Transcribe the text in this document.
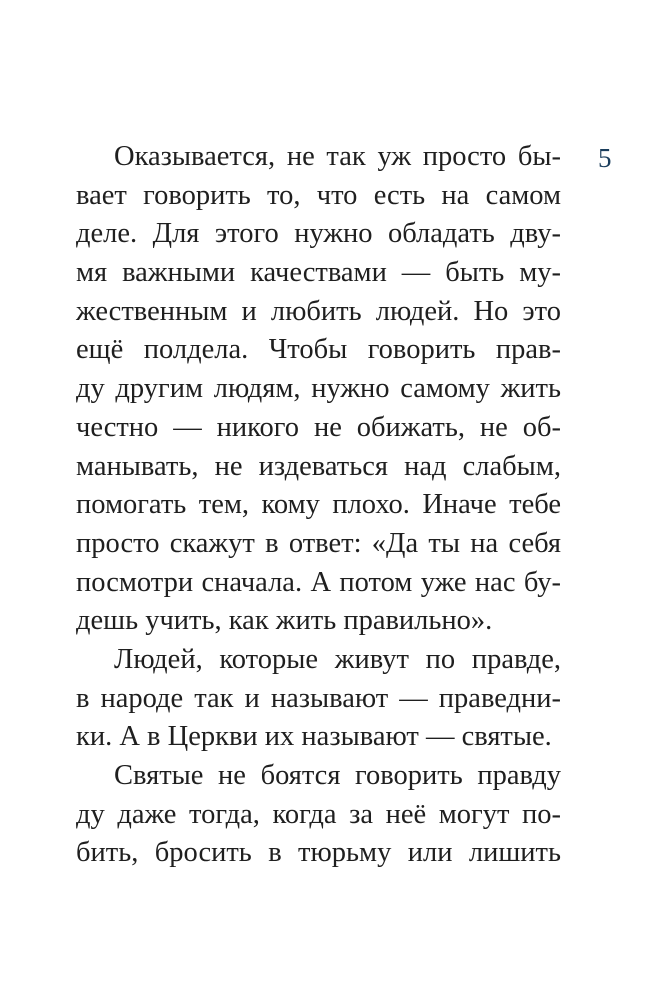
5
Оказывается, не так уж просто бы-
вает говорить то, что есть на самом
деле. Для этого нужно обладать дву-
мя важными качествами — быть му-
жественным и любить людей. Но это
ещё полдела. Чтобы говорить прав-
ду другим людям, нужно самому жить
честно — никого не обижать, не об-
манывать, не издеваться над слабым,
помогать тем, кому плохо. Иначе тебе
просто скажут в ответ: «Да ты на себя
посмотри сначала. А потом уже нас бу-
дешь учить, как жить правильно».
Людей, которые живут по правде,
в народе так и называют — праведни-
ки. А в Церкви их называют — святые.
Святые не боятся говорить правду
ду даже тогда, когда за неё могут по-
бить, бросить в тюрьму или лишить
